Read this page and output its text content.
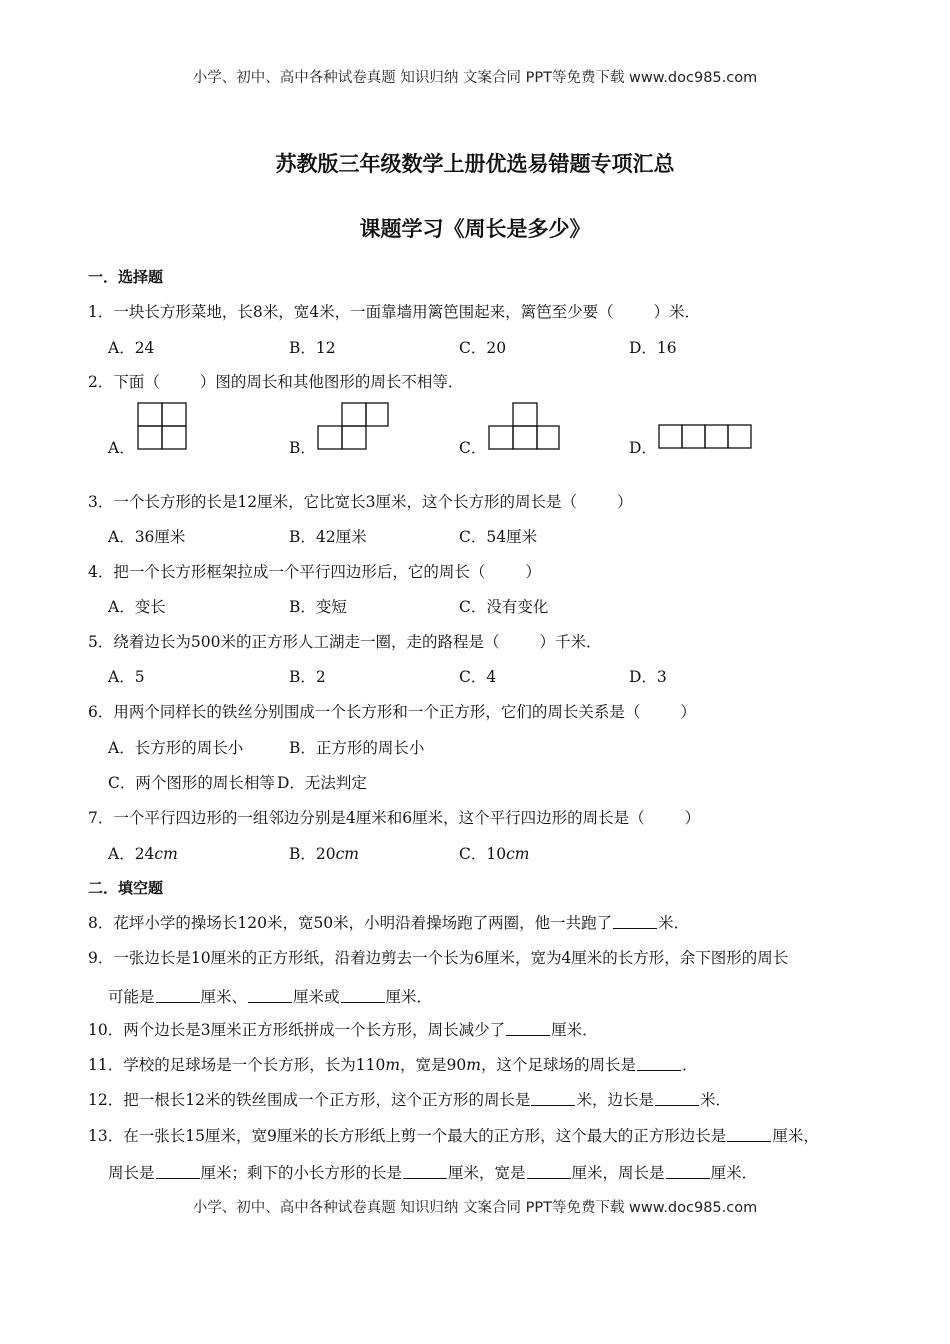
小学、初中、高中各种试卷真题 知识归纳 文案合同 PPT等免费下载 www.doc985.com
苏教版三年级数学上册优选易错题专项汇总
课题学习《周长是多少》
一．选择题
1．一块长方形菜地，长8米，宽4米，一面靠墙用篱笆围起来，篱笆至少要（	）米．
A．24	B．12	C．20	D．16
2．下面（	）图的周长和其他图形的周长不相等．
A．	B．	C．	D．
3．一个长方形的长是12厘米，它比宽长3厘米，这个长方形的周长是（	）
A．36厘米	B．42厘米	C．54厘米
4．把一个长方形框架拉成一个平行四边形后，它的周长（	）
A．变长	B．变短	C．没有变化
5．绕着边长为500米的正方形人工湖走一圈，走的路程是（	）千米．
A．5	B．2	C．4	D．3
6．用两个同样长的铁丝分别围成一个长方形和一个正方形，它们的周长关系是（	）
A．长方形的周长小	B．正方形的周长小
C．两个图形的周长相等 D．无法判定
7．一个平行四边形的一组邻边分别是4厘米和6厘米，这个平行四边形的周长是（	）
A．24cm	B．20cm	C．10cm
二．填空题
8．花坪小学的操场长120米，宽50米，小明沿着操场跑了两圈，他一共跑了	米．
9．一张边长是10厘米的正方形纸，沿着边剪去一个长为6厘米，宽为4厘米的长方形，余下图形的周长
可能是	厘米、	厘米或	厘米．
10．两个边长是3厘米正方形纸拼成一个长方形，周长减少了	厘米．
11．学校的足球场是一个长方形，长为110m，宽是90m，这个足球场的周长是	．
12．把一根长12米的铁丝围成一个正方形，这个正方形的周长是	米，边长是	米．
13．在一张长15厘米，宽9厘米的长方形纸上剪一个最大的正方形，这个最大的正方形边长是	厘米，
周长是	厘米；剩下的小长方形的长是	厘米，宽是	厘米，周长是	厘米．
小学、初中、高中各种试卷真题 知识归纳 文案合同 PPT等免费下载 www.doc985.com
